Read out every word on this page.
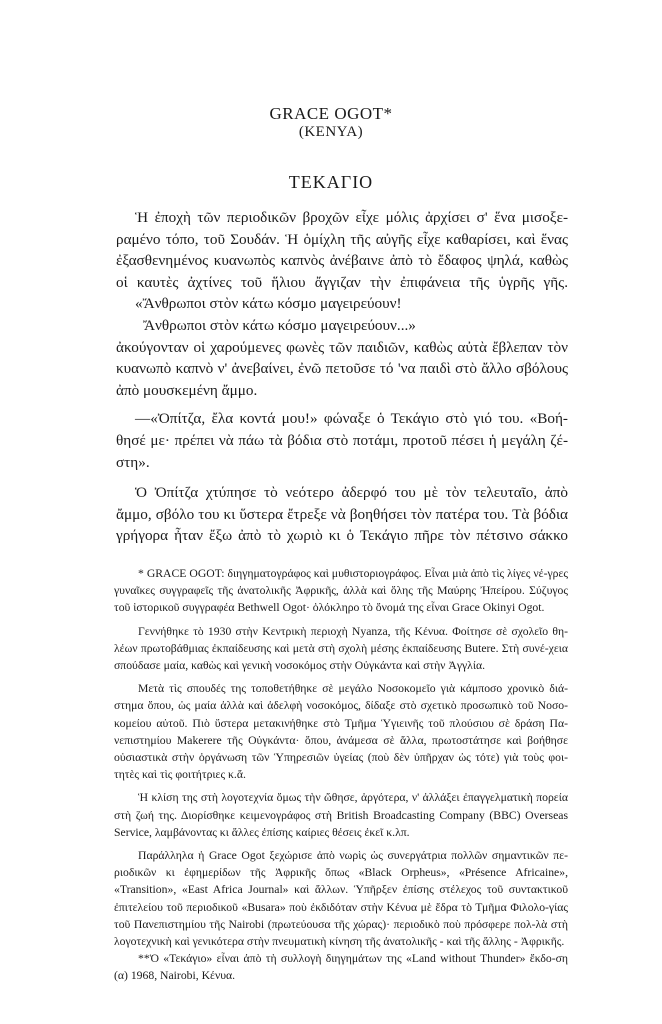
GRACE OGOT*
(KENYA)
ΤΕΚΑΓΙΟ

Ἡ ἐποχὴ τῶν περιοδικῶν βροχῶν εἶχε μόλις ἀρχίσει σ' ἕνα μισοξε-ραμένο τόπο, τοῦ Σουδάν. Ἡ ὁμίχλη τῆς αὐγῆς εἶχε καθαρίσει, καὶ ἕνας ἐξασθενημένος κυανωπὸς καπνὸς ἀνέβαινε ἀπὸ τὸ ἔδαφος ψηλά, καθὼς οἱ καυτὲς ἀχτίνες τοῦ ἥλιου ἄγγιζαν τὴν ἐπιφάνεια τῆς ὑγρῆς γῆς.

«Ἄνθρωποι στὸν κάτω κόσμο μαγειρεύουν!

Ἄνθρωποι στὸν κάτω κόσμο μαγειρεύουν...»

ἀκούγονταν οἱ χαρούμενες φωνὲς τῶν παιδιῶν, καθὼς αὐτὰ ἔβλεπαν τὸν κυανωπὸ καπνὸ ν' ἀνεβαίνει, ἐνῶ πετοῦσε τό 'να παιδὶ στὸ ἄλλο σβόλους ἀπὸ μουσκεμένη ἄμμο.

—«Ὀπίτζα, ἔλα κοντά μου!» φώναξε ὁ Τεκάγιο στὸ γιό του. «Βοή-θησέ με· πρέπει νὰ πάω τὰ βόδια στὸ ποτάμι, προτοῦ πέσει ἡ μεγάλη ζέ-στη».

Ὁ Ὀπίτζα χτύπησε τὸ νεότερο ἀδερφό του μὲ τὸν τελευταῖο, ἀπὸ ἄμμο, σβόλο του κι ὕστερα ἔτρεξε νὰ βοηθήσει τὸν πατέρα του. Τὰ βόδια γρήγορα ἦταν ἔξω ἀπὸ τὸ χωριὸ κι ὁ Τεκάγιο πῆρε τὸν πέτσινο σάκκο

* GRACE OGOT: διηγηματογράφος καὶ μυθιστοριογράφος. Εἶναι μιὰ ἀπὸ τὶς λίγες νέ-γρες γυναῖκες συγγραφεῖς τῆς ἀνατολικῆς Ἀφρικῆς, ἀλλὰ καὶ ὅλης τῆς Μαύρης Ἠπείρου. Σύζυγος τοῦ ἱστορικοῦ συγγραφέα Bethwell Ogot· ὁλόκληρο τὸ ὄνομά της εἶναι Grace Okinyi Ogot.

Γεννήθηκε τὸ 1930 στὴν Κεντρικὴ περιοχὴ Nyanza, τῆς Κένυα. Φοίτησε σὲ σχολεῖο θη-λέων πρωτοβάθμιας ἐκπαίδευσης καὶ μετὰ στὴ σχολὴ μέσης ἐκπαίδευσης Butere. Στὴ συνέ-χεια σπούδασε μαία, καθὼς καὶ γενικὴ νοσοκόμος στὴν Οὐγκάντα καὶ στὴν Ἀγγλία.

Μετὰ τὶς σπουδές της τοποθετήθηκε σὲ μεγάλο Νοσοκομεῖο γιὰ κάμποσο χρονικὸ διά-στημα ὅπου, ὡς μαία ἀλλὰ καὶ ἀδελφὴ νοσοκόμος, δίδαξε στὸ σχετικὸ προσωπικὸ τοῦ Νοσο-κομείου αὐτοῦ. Πιὸ ὕστερα μετακινήθηκε στὸ Τμῆμα Ὑγιεινῆς τοῦ πλούσιου σὲ δράση Πα-νεπιστημίου Makerere τῆς Οὐγκάντα· ὅπου, ἀνάμεσα σὲ ἄλλα, πρωτοστάτησε καὶ βοήθησε οὐσιαστικὰ στὴν ὀργάνωση τῶν Ὑπηρεσιῶν ὑγείας (ποὺ δὲν ὑπῆρχαν ὡς τότε) γιὰ τοὺς φοι-τητὲς καὶ τὶς φοιτήτριες κ.ἄ.

Ἡ κλίση της στὴ λογοτεχνία ὅμως τὴν ὤθησε, ἀργότερα, ν' ἀλλάξει ἐπαγγελματικὴ πορεία στὴ ζωή της. Διορίσθηκε κειμενογράφος στὴ British Broadcasting Company (BBC) Overseas Service, λαμβάνοντας κι ἄλλες ἐπίσης καίριες θέσεις ἐκεῖ κ.λπ.

Παράλληλα ἡ Grace Ogot ξεχώρισε ἀπὸ νωρὶς ὡς συνεργάτρια πολλῶν σημαντικῶν πε-ριοδικῶν κι ἐφημερίδων τῆς Ἀφρικῆς ὅπως «Black Orpheus», «Présence Africaine», «Transition», «East Africa Journal» καὶ ἄλλων. Ὑπῆρξεν ἐπίσης στέλεχος τοῦ συντακτικοῦ ἐπιτελείου τοῦ περιοδικοῦ «Busara» ποὺ ἐκδιδόταν στὴν Κένυα μὲ ἕδρα τὸ Τμῆμα Φιλολο-γίας τοῦ Πανεπιστημίου τῆς Nairobi (πρωτεύουσα τῆς χώρας)· περιοδικὸ ποὺ πρόσφερε πολ-λὰ στὴ λογοτεχνικὴ καὶ γενικότερα στὴν πνευματικὴ κίνηση τῆς ἀνατολικῆς - καὶ τῆς ἄλλης - Ἀφρικῆς.

**Ὁ «Τεκάγιο» εἶναι ἀπὸ τὴ συλλογὴ διηγημάτων της «Land without Thunder» ἔκδο-ση (α) 1968, Nairobi, Κένυα.
